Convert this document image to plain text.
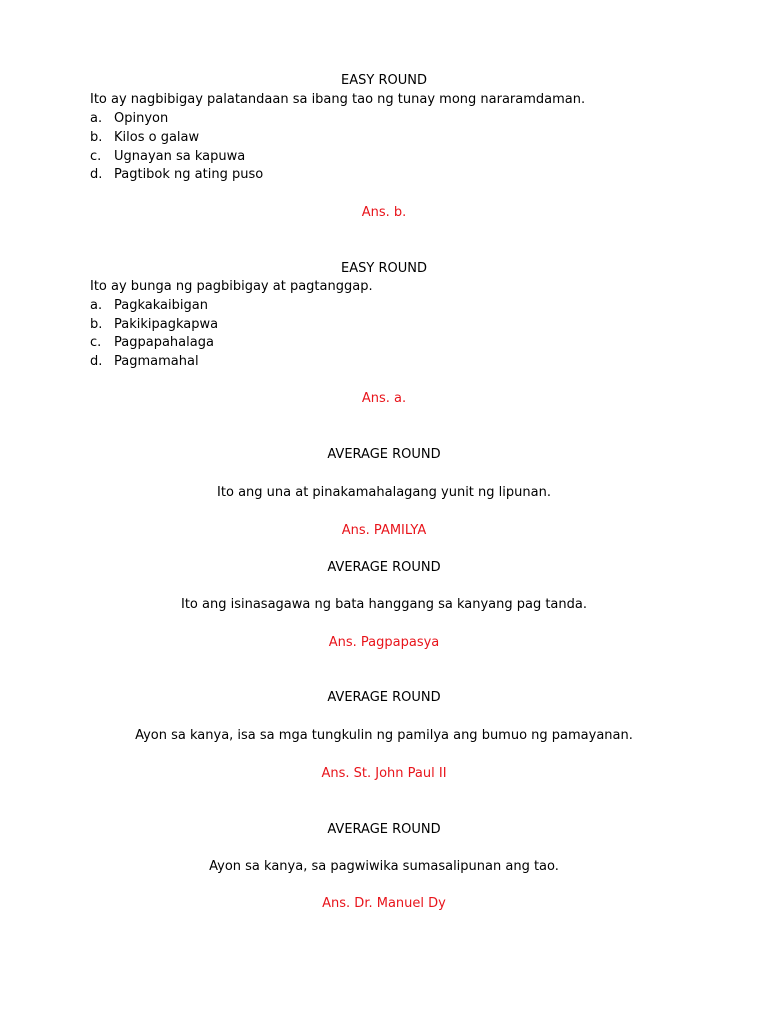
EASY ROUND
Ito ay nagbibigay palatandaan sa ibang tao ng tunay mong nararamdaman.
a. Opinyon
b. Kilos o galaw
c. Ugnayan sa kapuwa
d. Pagtibok ng ating puso
Ans. b.
EASY ROUND
Ito ay bunga ng pagbibigay at pagtanggap.
a. Pagkakaibigan
b. Pakikipagkapwa
c. Pagpapahalaga
d. Pagmamahal
Ans. a.
AVERAGE ROUND
Ito ang una at pinakamahalagang yunit ng lipunan.
Ans. PAMILYA
AVERAGE ROUND
Ito ang isinasagawa ng bata hanggang sa kanyang pag tanda.
Ans. Pagpapasya
AVERAGE ROUND
Ayon sa kanya, isa sa mga tungkulin ng pamilya ang bumuo ng pamayanan.
Ans. St. John Paul II
AVERAGE ROUND
Ayon sa kanya, sa pagwiwika sumasalipunan ang tao.
Ans. Dr. Manuel Dy
